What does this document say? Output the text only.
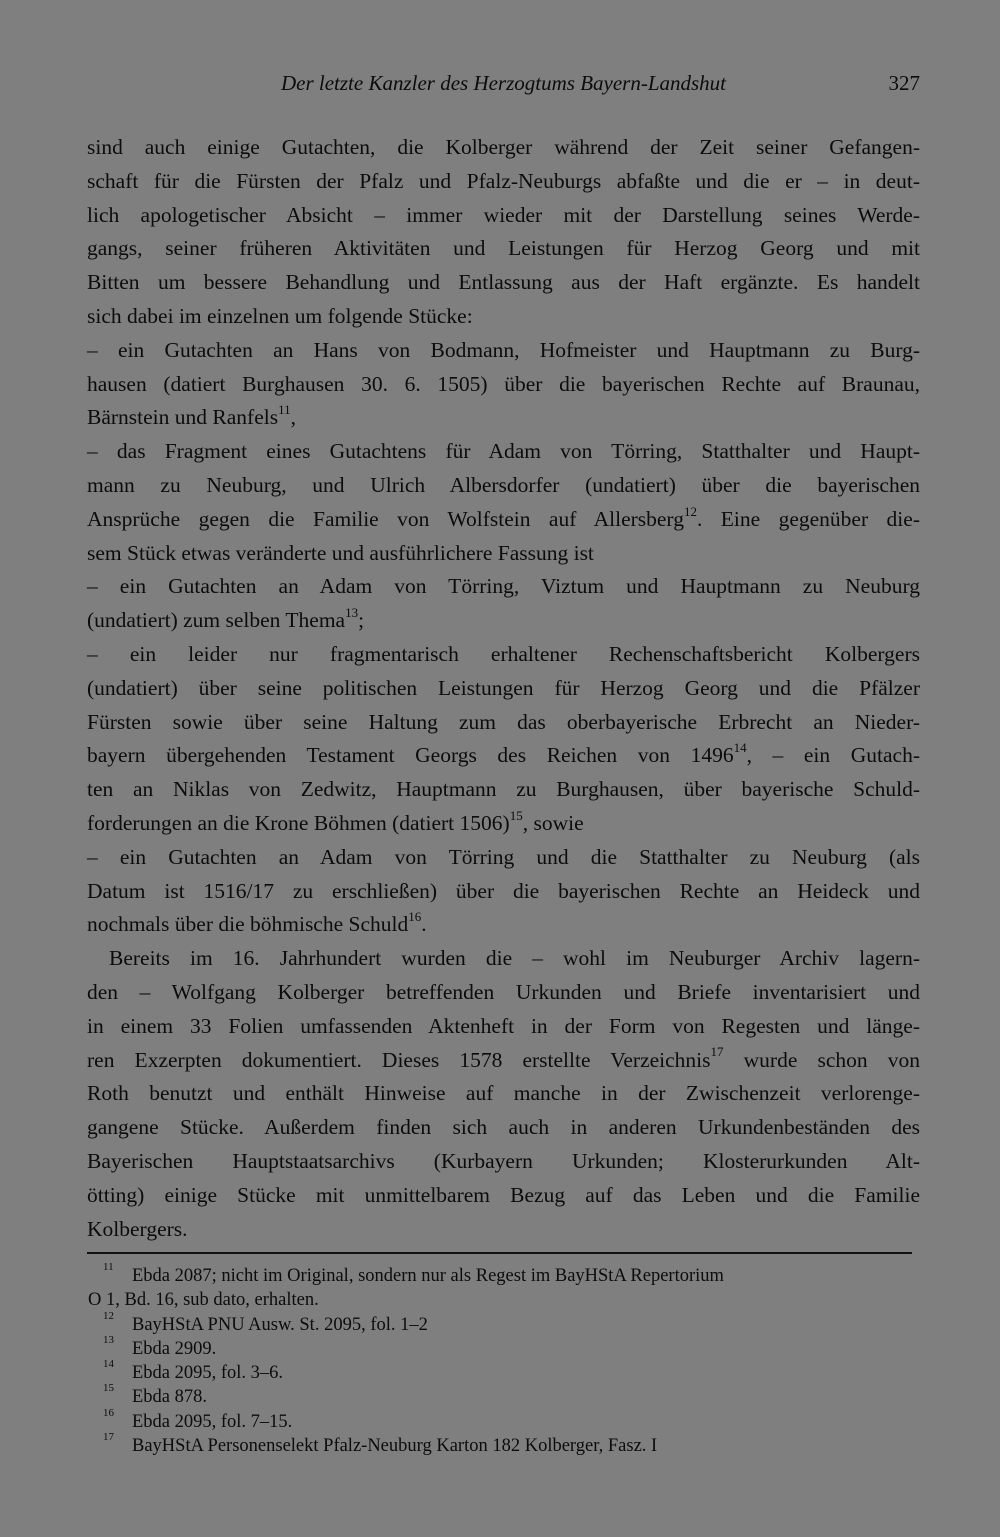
Der letzte Kanzler des Herzogtums Bayern-Landshut	327
sind auch einige Gutachten, die Kolberger während der Zeit seiner Gefangen-
schaft für die Fürsten der Pfalz und Pfalz-Neuburgs abfaßte und die er – in deut-
lich apologetischer Absicht – immer wieder mit der Darstellung seines Werde-
gangs, seiner früheren Aktivitäten und Leistungen für Herzog Georg und mit
Bitten um bessere Behandlung und Entlassung aus der Haft ergänzte. Es handelt
sich dabei im einzelnen um folgende Stücke:
– ein Gutachten an Hans von Bodmann, Hofmeister und Hauptmann zu Burg-
hausen (datiert Burghausen 30. 6. 1505) über die bayerischen Rechte auf Braunau,
Bärnstein und Ranfels$^{11}$,
– das Fragment eines Gutachtens für Adam von Törring, Statthalter und Haupt-
mann zu Neuburg, und Ulrich Albersdorfer (undatiert) über die bayerischen
Ansprüche gegen die Familie von Wolfstein auf Allersberg$^{12}$. Eine gegenüber die-
sem Stück etwas veränderte und ausführlichere Fassung ist
– ein Gutachten an Adam von Törring, Viztum und Hauptmann zu Neuburg
(undatiert) zum selben Thema$^{13}$;
– ein leider nur fragmentarisch erhaltener Rechenschaftsbericht Kolbergers
(undatiert) über seine politischen Leistungen für Herzog Georg und die Pfälzer
Fürsten sowie über seine Haltung zum das oberbayerische Erbrecht an Nieder-
bayern übergehenden Testament Georgs des Reichen von 1496$^{14}$, – ein Gutach-
ten an Niklas von Zedwitz, Hauptmann zu Burghausen, über bayerische Schuld-
forderungen an die Krone Böhmen (datiert 1506)$^{15}$, sowie
– ein Gutachten an Adam von Törring und die Statthalter zu Neuburg (als
Datum ist 1516/17 zu erschließen) über die bayerischen Rechte an Heideck und
nochmals über die böhmische Schuld$^{16}$.
Bereits im 16. Jahrhundert wurden die – wohl im Neuburger Archiv lagern-
den – Wolfgang Kolberger betreffenden Urkunden und Briefe inventarisiert und
in einem 33 Folien umfassenden Aktenheft in der Form von Regesten und länge-
ren Exzerpten dokumentiert. Dieses 1578 erstellte Verzeichnis$^{17}$ wurde schon von
Roth benutzt und enthält Hinweise auf manche in der Zwischenzeit verlorenge-
gangene Stücke. Außerdem finden sich auch in anderen Urkundenbeständen des
Bayerischen Hauptstaatsarchivs (Kurbayern Urkunden; Klosterurkunden Alt-
ötting) einige Stücke mit unmittelbarem Bezug auf das Leben und die Familie
Kolbergers.
11 Ebda 2087; nicht im Original, sondern nur als Regest im BayHStA Repertorium
O 1, Bd. 16, sub dato, erhalten.
12 BayHStA PNU Ausw. St. 2095, fol. 1–2
13 Ebda 2909.
14 Ebda 2095, fol. 3–6.
15 Ebda 878.
16 Ebda 2095, fol. 7–15.
17 BayHStA Personenselekt Pfalz-Neuburg Karton 182 Kolberger, Fasz. I
